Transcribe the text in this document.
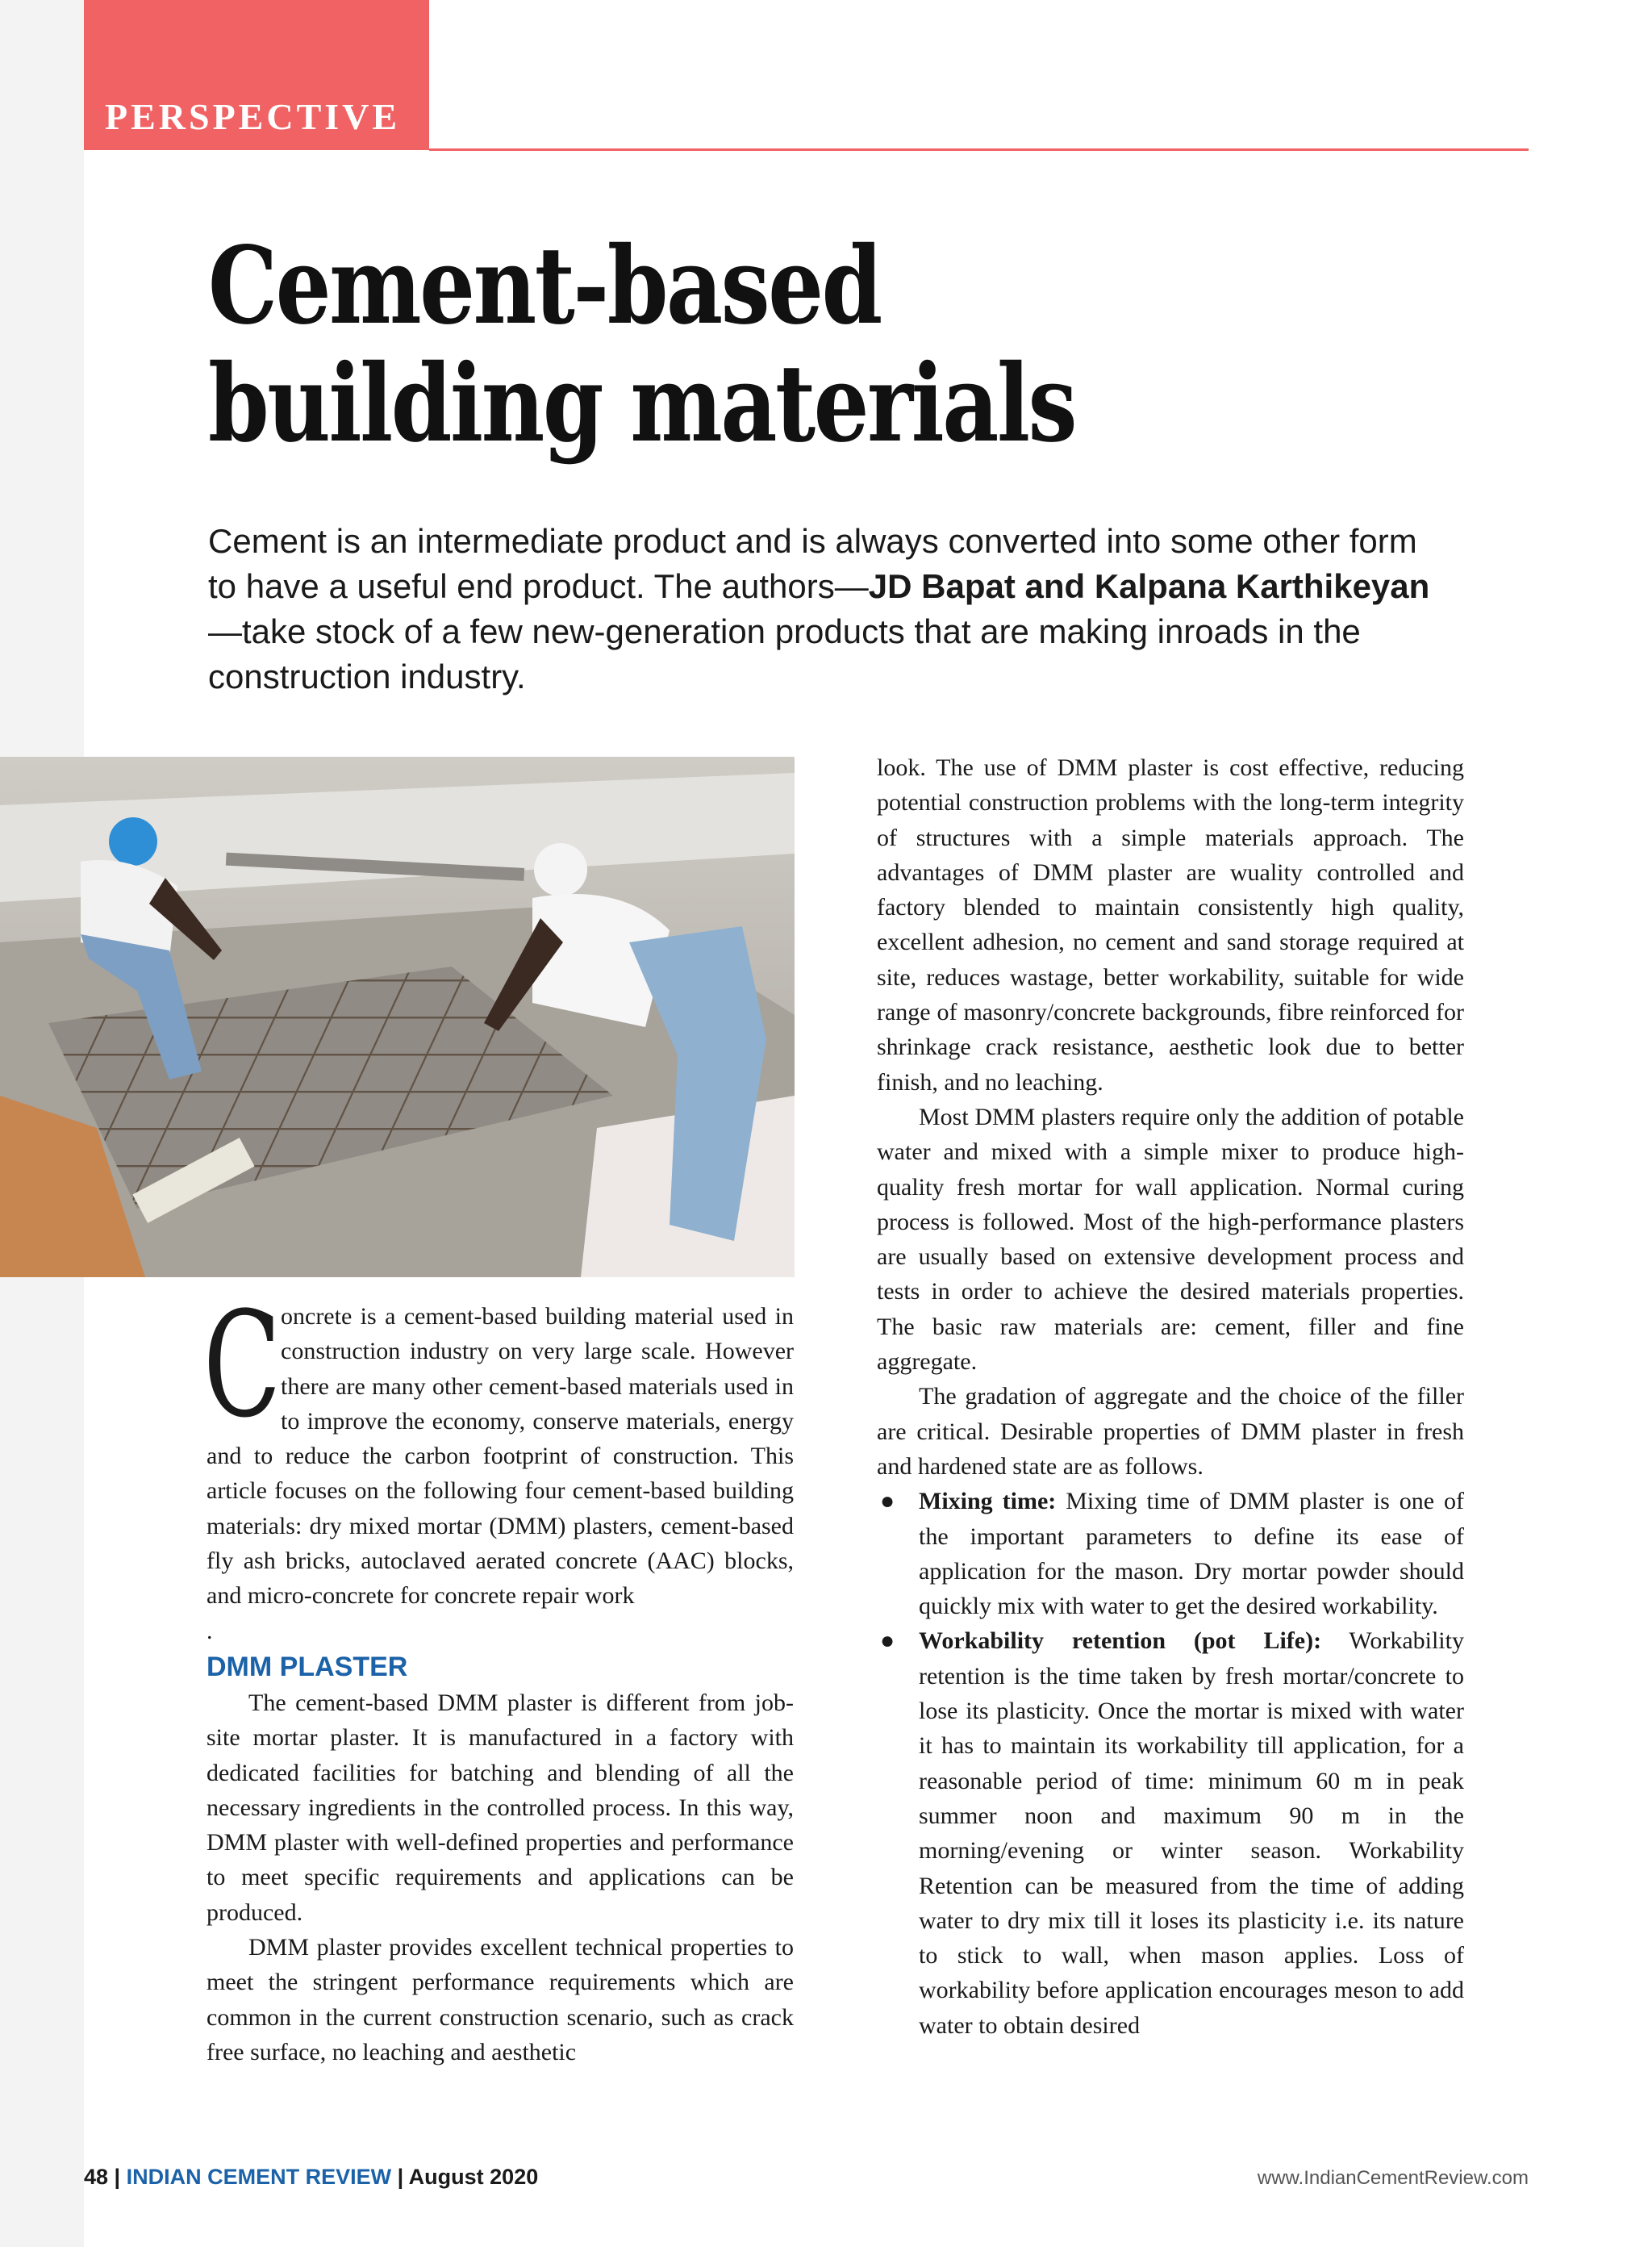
PERSPECTIVE
Cement-based building materials
Cement is an intermediate product and is always converted into some other form to have a useful end product. The authors—JD Bapat and Kalpana Karthikeyan—take stock of a few new-generation products that are making inroads in the construction industry.

Concrete is a cement-based building material used in construction industry on very large scale. However there are many other cement-based materials used in to improve the economy, conserve materials, energy and to reduce the carbon footprint of construction. This article focuses on the following four cement-based building materials: dry mixed mortar (DMM) plasters, cement-based fly ash bricks, autoclaved aerated concrete (AAC) blocks, and micro-concrete for concrete repair work
.

DMM PLASTER

The cement-based DMM plaster is different from job-site mortar plaster. It is manufactured in a factory with dedicated facilities for batching and blending of all the necessary ingredients in the controlled process. In this way, DMM plaster with well-defined properties and performance to meet specific requirements and applications can be produced.

DMM plaster provides excellent technical properties to meet the stringent performance requirements which are common in the current construction scenario, such as crack free surface, no leaching and aesthetic

look. The use of DMM plaster is cost effective, reducing potential construction problems with the long-term integrity of structures with a simple materials approach. The advantages of DMM plaster are wuality controlled and factory blended to maintain consistently high quality, excellent adhesion, no cement and sand storage required at site, reduces wastage, better workability, suitable for wide range of masonry/concrete backgrounds, fibre reinforced for shrinkage crack resistance, aesthetic look due to better finish, and no leaching.

Most DMM plasters require only the addition of potable water and mixed with a simple mixer to produce high-quality fresh mortar for wall application. Normal curing process is followed. Most of the high-performance plasters are usually based on extensive development process and tests in order to achieve the desired materials properties. The basic raw materials are: cement, filler and fine aggregate.

The gradation of aggregate and the choice of the filler are critical. Desirable properties of DMM plaster in fresh and hardened state are as follows.

● Mixing time: Mixing time of DMM plaster is one of the important parameters to define its ease of application for the mason. Dry mortar powder should quickly mix with water to get the desired workability.
● Workability retention (pot Life): Workability retention is the time taken by fresh mortar/concrete to lose its plasticity. Once the mortar is mixed with water it has to maintain its workability till application, for a reasonable period of time: minimum 60 m in peak summer noon and maximum 90 m in the morning/evening or winter season. Workability Retention can be measured from the time of adding water to dry mix till it loses its plasticity i.e. its nature to stick to wall, when mason applies. Loss of workability before application encourages meson to add water to obtain desired
48 | INDIAN CEMENT REVIEW | August 2020	www.IndianCementReview.com
